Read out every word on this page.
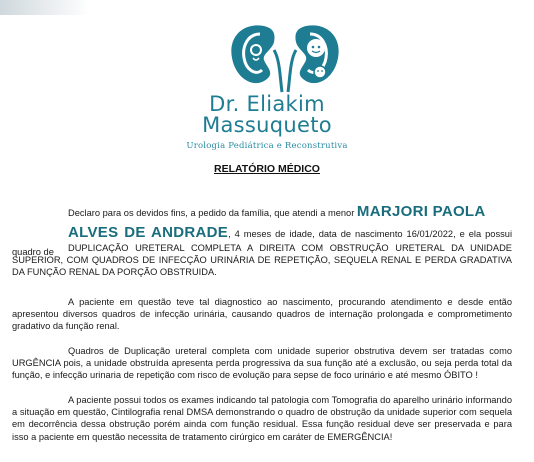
Dr. Eliakim
Massuqueto
Urologia Pediátrica e Reconstrutiva
RELATÓRIO MÉDICO
Declaro para os devidos fins, a pedido da família, que atendi a menor MARJORI PAOLA
ALVES DE ANDRADE, 4 meses de idade, data de nascimento 16/01/2022, e ela possui quadro de	DUPLICAÇÃO URETERAL COMPLETA A DIREITA COM OBSTRUÇÃO URETERAL DA UNIDADE SUPERIOR, COM QUADROS DE INFECÇÃO URINÁRIA DE REPETIÇÃO, SEQUELA RENAL E PERDA GRADATIVA DA FUNÇÃO RENAL DA PORÇÃO OBSTRUIDA.
A paciente em questão teve tal diagnostico ao nascimento, procurando atendimento e desde então apresentou diversos quadros de infecção urinária, causando quadros de internação prolongada e comprometimento gradativo da função renal.
Quadros de Duplicação ureteral completa com unidade superior obstrutiva devem ser tratadas como URGÊNCIA pois, a unidade obstruída apresenta perda progressiva da sua função até a exclusão, ou seja perda total da função, e infecção urinaria de repetição com risco de evolução para sepse de foco urinário e até mesmo ÓBITO !
A paciente possui todos os exames indicando tal patologia com Tomografia do aparelho urinário informando a situação em questão, Cintilografia renal DMSA demonstrando o quadro de obstrução da unidade superior com sequela em decorrência dessa obstrução porém ainda com função residual. Essa função residual deve ser preservada e para isso a paciente em questão necessita de tratamento cirúrgico em caráter de EMERGÊNCIA!
